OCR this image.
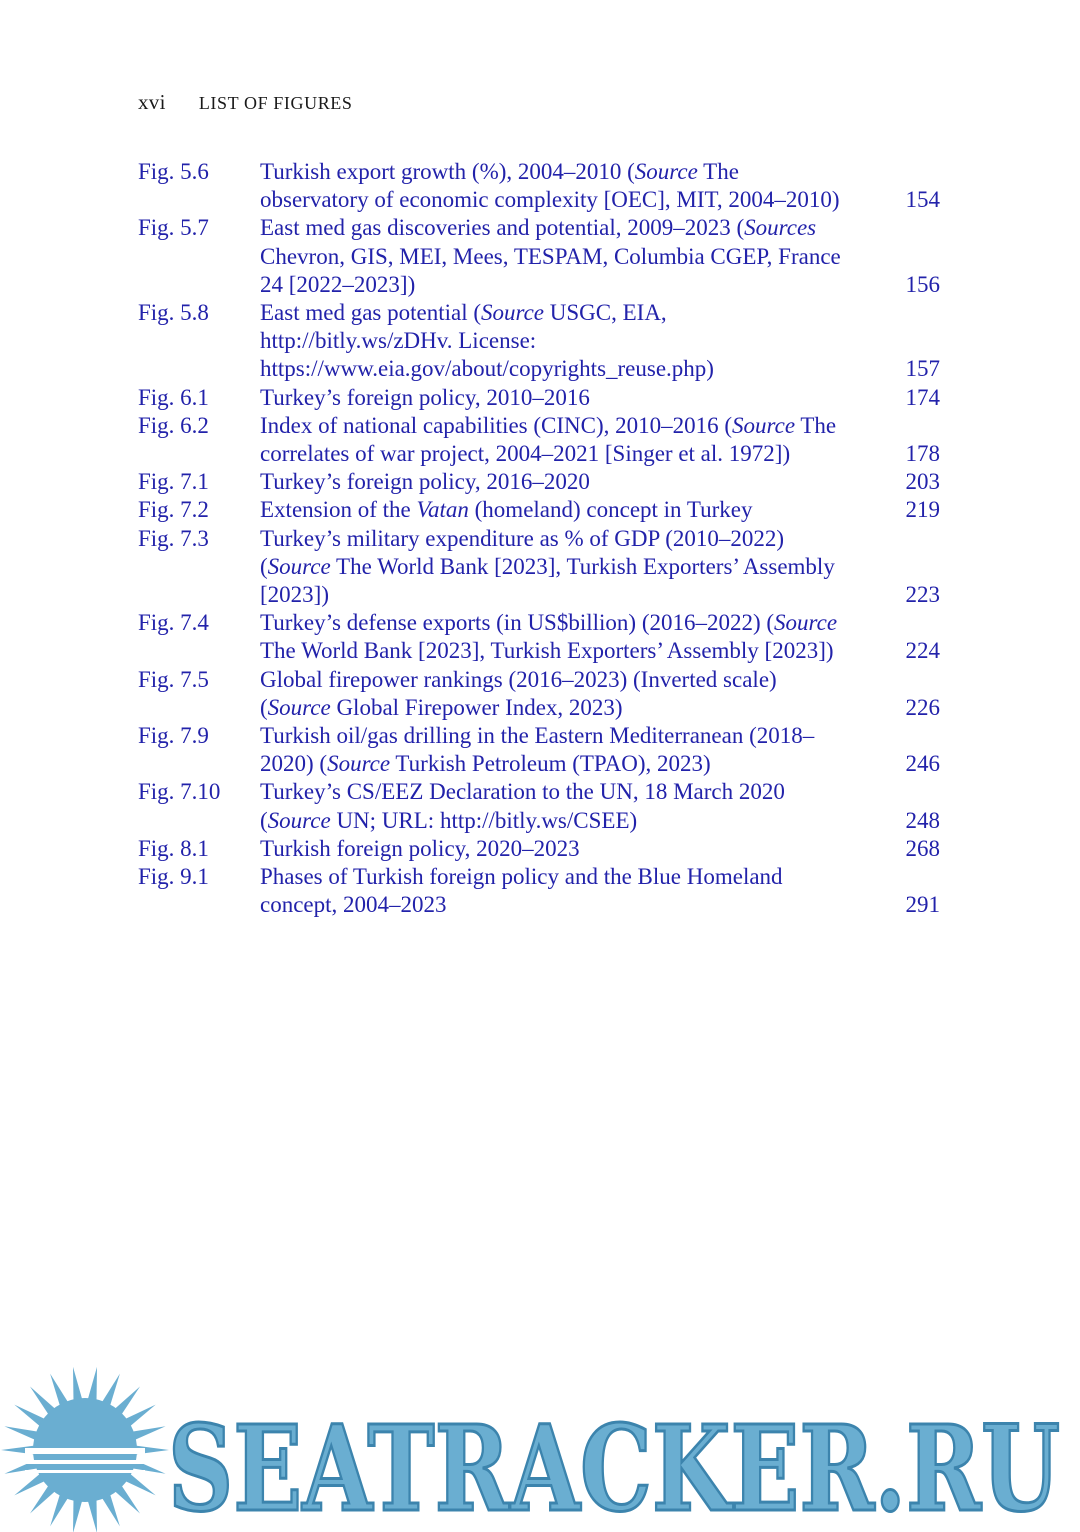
xvi LIST OF FIGURES
Fig. 5.6	Turkish export growth (%), 2004–2010 (Source The observatory of economic complexity [OEC], MIT, 2004–2010)	154
Fig. 5.7	East med gas discoveries and potential, 2009–2023 (Sources Chevron, GIS, MEI, Mees, TESPAM, Columbia CGEP, France 24 [2022–2023])	156
Fig. 5.8	East med gas potential (Source USGC, EIA, http://bitly.ws/zDHv. License: https://www.eia.gov/about/copyrights_reuse.php)	157
Fig. 6.1	Turkey’s foreign policy, 2010–2016	174
Fig. 6.2	Index of national capabilities (CINC), 2010–2016 (Source The correlates of war project, 2004–2021 [Singer et al. 1972])	178
Fig. 7.1	Turkey’s foreign policy, 2016–2020	203
Fig. 7.2	Extension of the Vatan (homeland) concept in Turkey	219
Fig. 7.3	Turkey’s military expenditure as % of GDP (2010–2022) (Source The World Bank [2023], Turkish Exporters’ Assembly [2023])	223
Fig. 7.4	Turkey’s defense exports (in US$billion) (2016–2022) (Source The World Bank [2023], Turkish Exporters’ Assembly [2023])	224
Fig. 7.5	Global firepower rankings (2016–2023) (Inverted scale) (Source Global Firepower Index, 2023)	226
Fig. 7.9	Turkish oil/gas drilling in the Eastern Mediterranean (2018–2020) (Source Turkish Petroleum (TPAO), 2023)	246
Fig. 7.10	Turkey’s CS/EEZ Declaration to the UN, 18 March 2020 (Source UN; URL: http://bitly.ws/CSEE)	248
Fig. 8.1	Turkish foreign policy, 2020–2023	268
Fig. 9.1	Phases of Turkish foreign policy and the Blue Homeland concept, 2004–2023	291
SEATRACKER.RU
